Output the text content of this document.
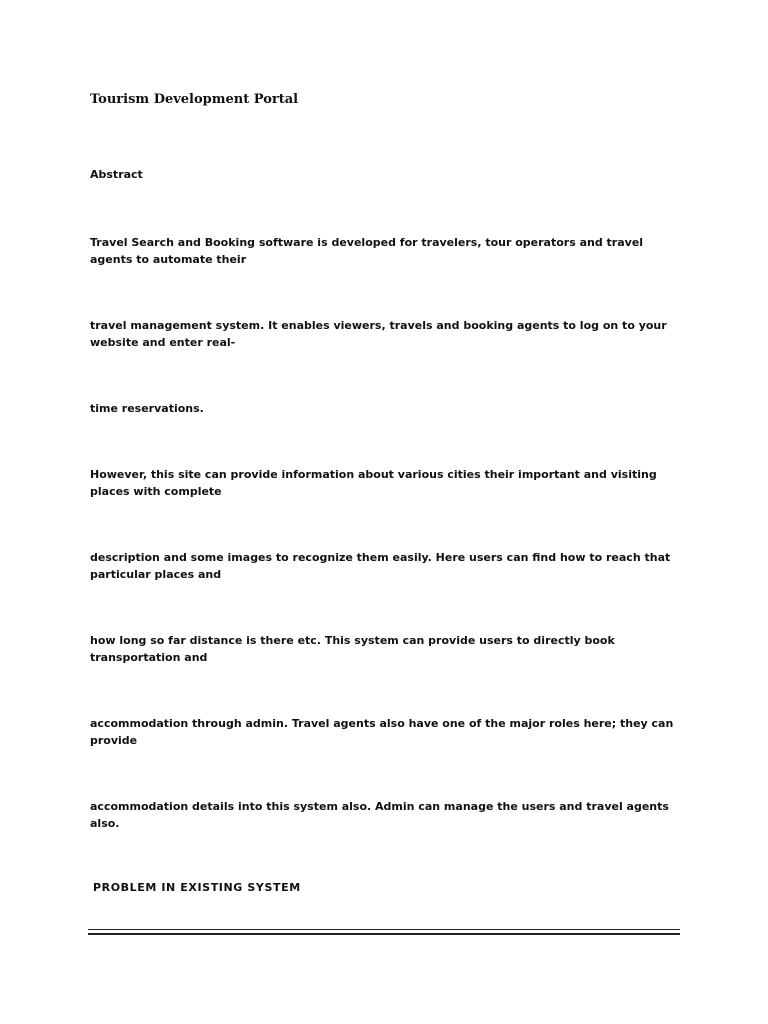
Tourism Development Portal
Abstract

Travel Search and Booking software is developed for travelers, tour operators and travel agents to automate their

travel management system. It enables viewers, travels and booking agents to log on to your website and enter real-

time reservations.

However, this site can provide information about various cities their important and visiting places with complete

description and some images to recognize them easily. Here users can find how to reach that particular places and

how long so far distance is there etc. This system can provide users to directly book transportation and

accommodation through admin. Travel agents also have one of the major roles here; they can provide

accommodation details into this system also. Admin can manage the users and travel agents also.

PROBLEM IN EXISTING SYSTEM
